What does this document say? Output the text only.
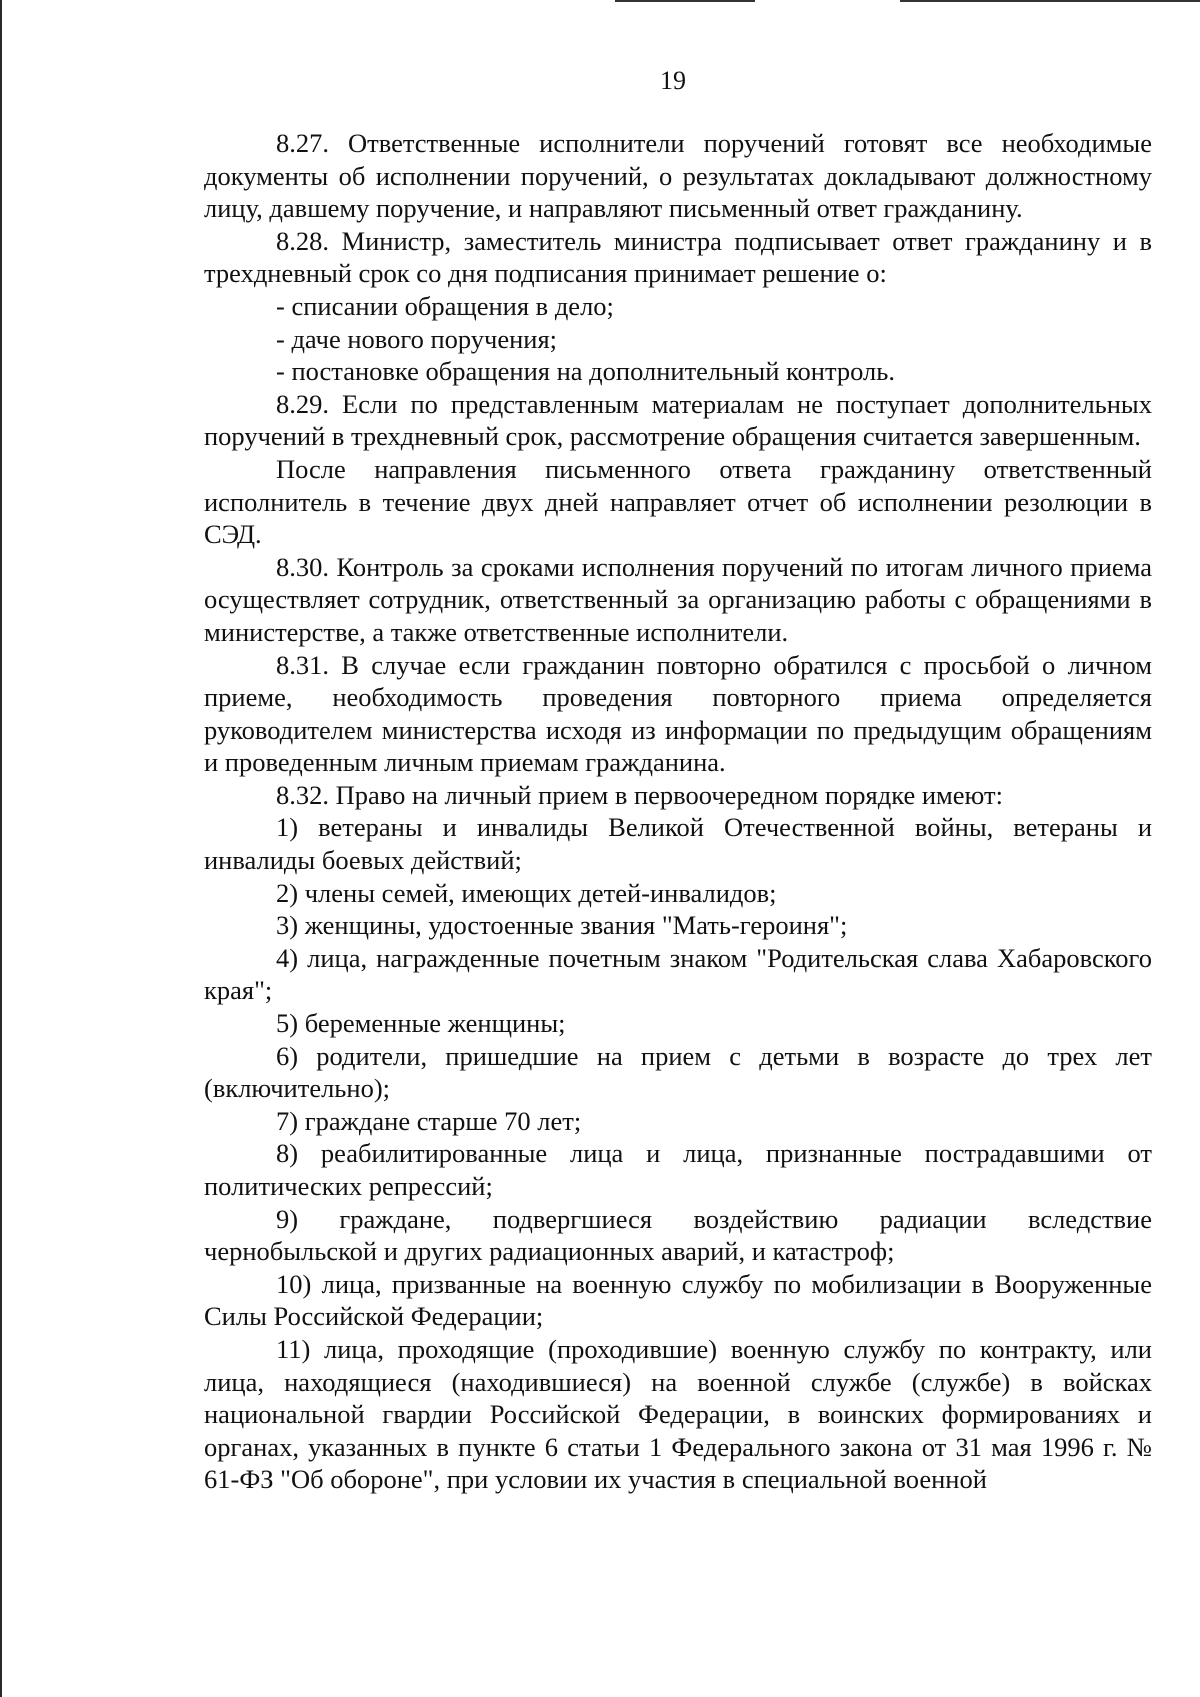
19

8.27. Ответственные исполнители поручений готовят все необходимые документы об исполнении поручений, о результатах докладывают должностному лицу, давшему поручение, и направляют письменный ответ гражданину.

8.28. Министр, заместитель министра подписывает ответ гражданину и в трехдневный срок со дня подписания принимает решение о:

- списании обращения в дело;

- даче нового поручения;

- постановке обращения на дополнительный контроль.

8.29. Если по представленным материалам не поступает дополнительных поручений в трехдневный срок, рассмотрение обращения считается завершенным.

После направления письменного ответа гражданину ответственный исполнитель в течение двух дней направляет отчет об исполнении резолюции в СЭД.

8.30. Контроль за сроками исполнения поручений по итогам личного приема осуществляет сотрудник, ответственный за организацию работы с обращениями в министерстве, а также ответственные исполнители.

8.31. В случае если гражданин повторно обратился с просьбой о личном приеме, необходимость проведения повторного приема определяется руководителем министерства исходя из информации по предыдущим обращениям и проведенным личным приемам гражданина.

8.32. Право на личный прием в первоочередном порядке имеют:

1) ветераны и инвалиды Великой Отечественной войны, ветераны и инвалиды боевых действий;

2) члены семей, имеющих детей-инвалидов;

3) женщины, удостоенные звания "Мать-героиня";

4) лица, награжденные почетным знаком "Родительская слава Хабаровского края";

5) беременные женщины;

6) родители, пришедшие на прием с детьми в возрасте до трех лет (включительно);

7) граждане старше 70 лет;

8) реабилитированные лица и лица, признанные пострадавшими от политических репрессий;

9) граждане, подвергшиеся воздействию радиации вследствие чернобыльской и других радиационных аварий, и катастроф;

10) лица, призванные на военную службу по мобилизации в Вооруженные Силы Российской Федерации;

11) лица, проходящие (проходившие) военную службу по контракту, или лица, находящиеся (находившиеся) на военной службе (службе) в войсках национальной гвардии Российской Федерации, в воинских формированиях и органах, указанных в пункте 6 статьи 1 Федерального закона от 31 мая 1996 г. № 61-ФЗ "Об обороне", при условии их участия в специальной военной
